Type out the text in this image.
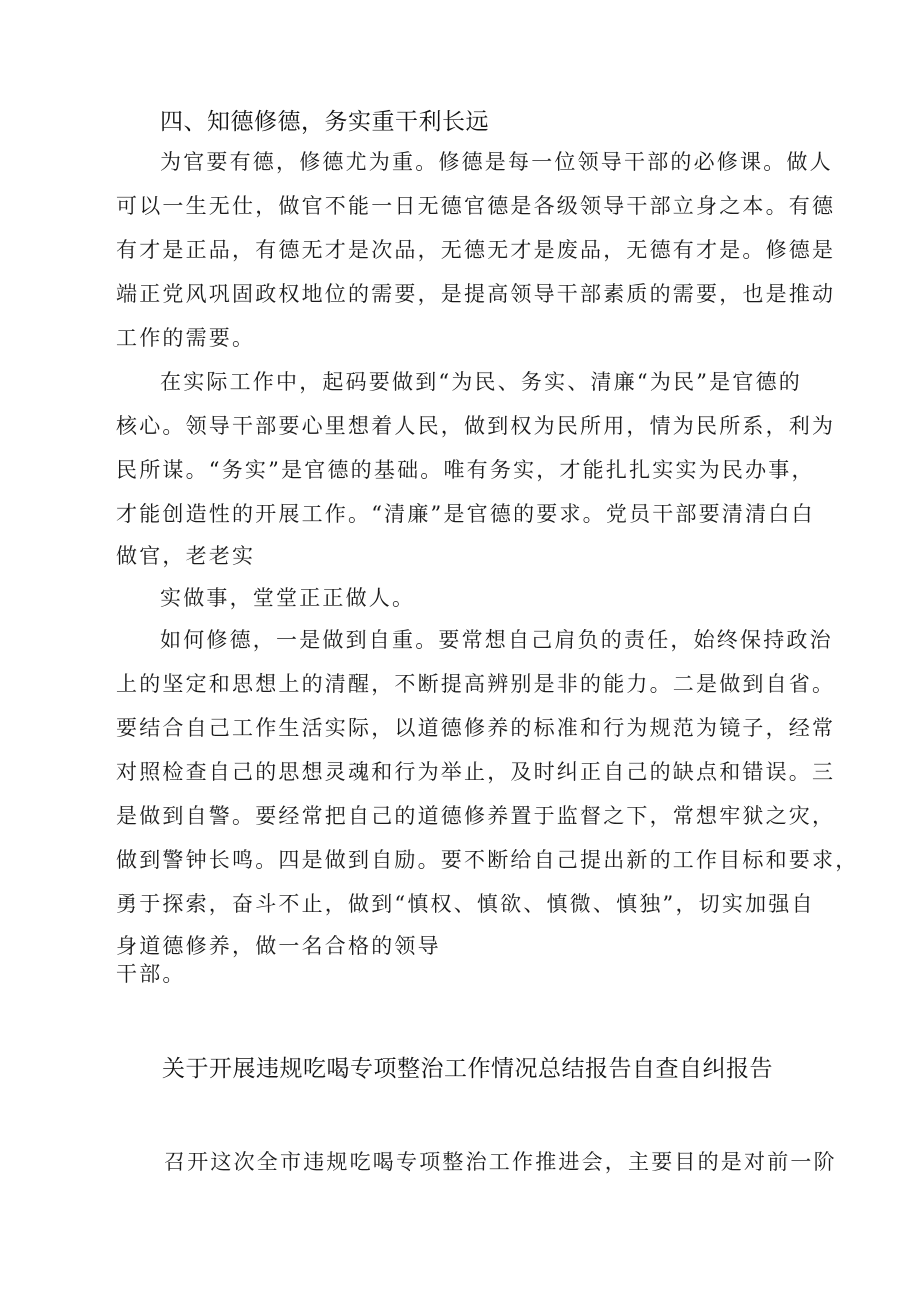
四、知德修德，务实重干利长远
为官要有德，修德尤为重。修德是每一位领导干部的必修课。做人
可以一生无仕，做官不能一日无德官德是各级领导干部立身之本。有德
有才是正品，有德无才是次品，无德无才是废品，无德有才是。修德是
端正党风巩固政权地位的需要，是提高领导干部素质的需要，也是推动
工作的需要。
在实际工作中，起码要做到“为民、务实、清廉“为民”是官德的
核心。领导干部要心里想着人民，做到权为民所用，情为民所系，利为
民所谋。“务实”是官德的基础。唯有务实，才能扎扎实实为民办事，
才能创造性的开展工作。“清廉”是官德的要求。党员干部要清清白白
做官，老老实
实做事，堂堂正正做人。
如何修德，一是做到自重。要常想自己肩负的责任，始终保持政治
上的坚定和思想上的清醒，不断提高辨别是非的能力。二是做到自省。
要结合自己工作生活实际，以道德修养的标准和行为规范为镜子，经常
对照检查自己的思想灵魂和行为举止，及时纠正自己的缺点和错误。三
是做到自警。要经常把自己的道德修养置于监督之下，常想牢狱之灾，
做到警钟长鸣。四是做到自励。要不断给自己提出新的工作目标和要求，
勇于探索，奋斗不止，做到“慎权、慎欲、慎微、慎独”，切实加强自
身道德修养，做一名合格的领导
干部。
关于开展违规吃喝专项整治工作情况总结报告自查自纠报告
召开这次全市违规吃喝专项整治工作推进会，主要目的是对前一阶
